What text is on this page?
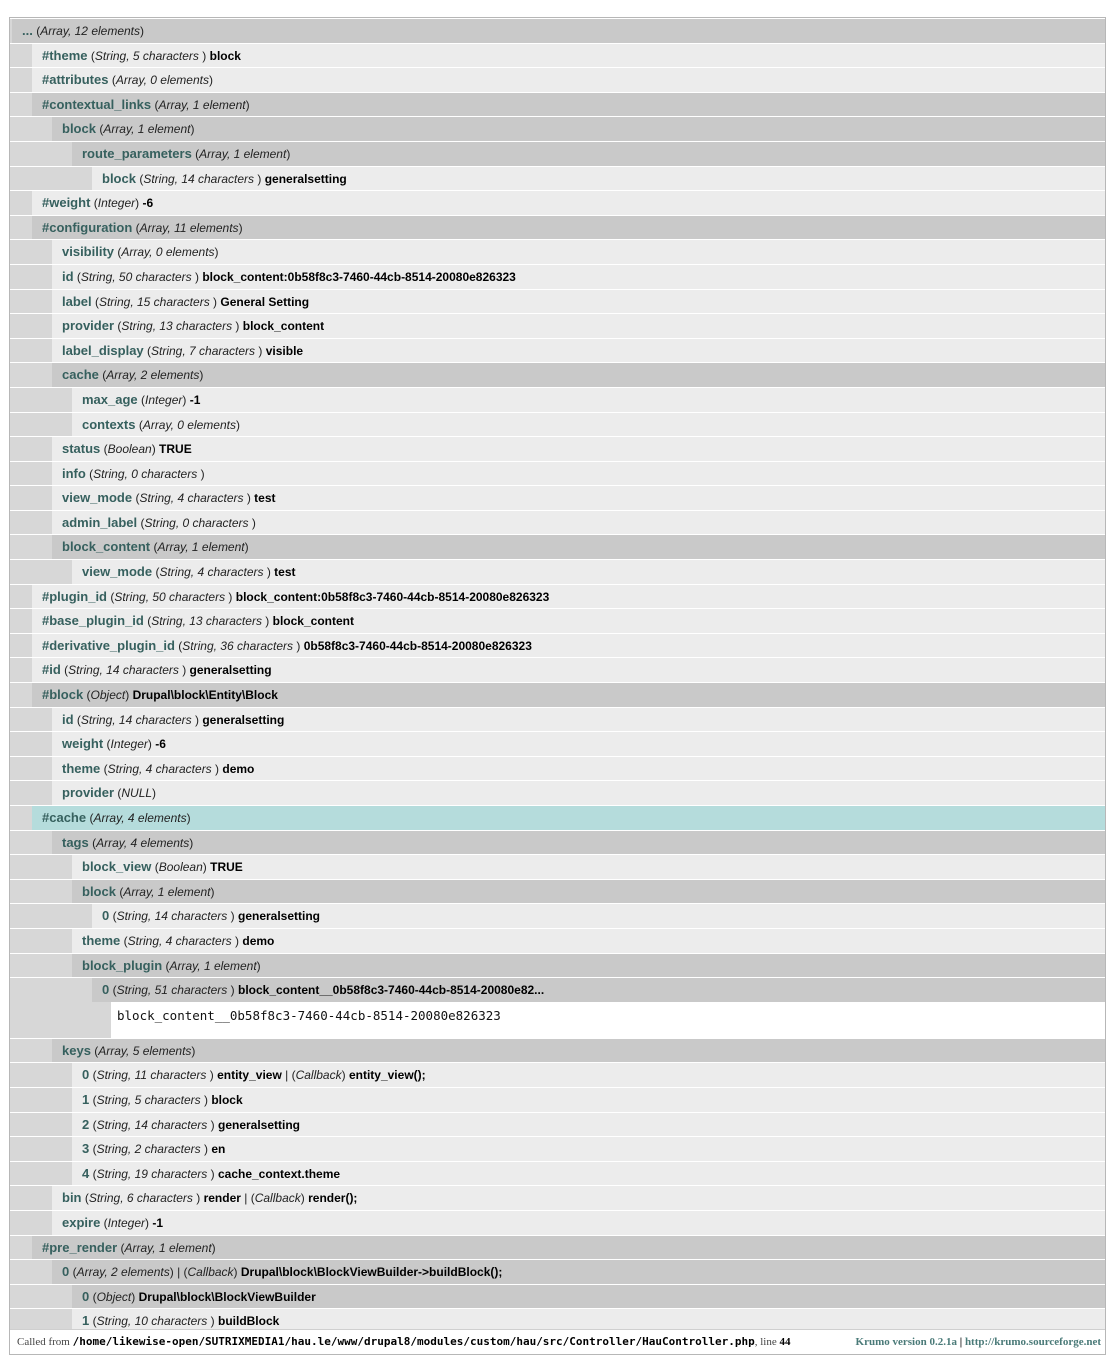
... (Array, 12 elements)
#theme (String, 5 characters ) block
#attributes (Array, 0 elements)
#contextual_links (Array, 1 element)
block (Array, 1 element)
route_parameters (Array, 1 element)
block (String, 14 characters ) generalsetting
#weight (Integer) -6
#configuration (Array, 11 elements)
visibility (Array, 0 elements)
id (String, 50 characters ) block_content:0b58f8c3-7460-44cb-8514-20080e826323
label (String, 15 characters ) General Setting
provider (String, 13 characters ) block_content
label_display (String, 7 characters ) visible
cache (Array, 2 elements)
max_age (Integer) -1
contexts (Array, 0 elements)
status (Boolean) TRUE
info (String, 0 characters )
view_mode (String, 4 characters ) test
admin_label (String, 0 characters )
block_content (Array, 1 element)
view_mode (String, 4 characters ) test
#plugin_id (String, 50 characters ) block_content:0b58f8c3-7460-44cb-8514-20080e826323
#base_plugin_id (String, 13 characters ) block_content
#derivative_plugin_id (String, 36 characters ) 0b58f8c3-7460-44cb-8514-20080e826323
#id (String, 14 characters ) generalsetting
#block (Object) Drupal\block\Entity\Block
id (String, 14 characters ) generalsetting
weight (Integer) -6
theme (String, 4 characters ) demo
provider (NULL)
#cache (Array, 4 elements)
tags (Array, 4 elements)
block_view (Boolean) TRUE
block (Array, 1 element)
0 (String, 14 characters ) generalsetting
theme (String, 4 characters ) demo
block_plugin (Array, 1 element)
0 (String, 51 characters ) block_content__0b58f8c3-7460-44cb-8514-20080e82...
block_content__0b58f8c3-7460-44cb-8514-20080e826323
keys (Array, 5 elements)
0 (String, 11 characters ) entity_view | (Callback) entity_view();
1 (String, 5 characters ) block
2 (String, 14 characters ) generalsetting
3 (String, 2 characters ) en
4 (String, 19 characters ) cache_context.theme
bin (String, 6 characters ) render | (Callback) render();
expire (Integer) -1
#pre_render (Array, 1 element)
0 (Array, 2 elements) | (Callback) Drupal\block\BlockViewBuilder->buildBlock();
0 (Object) Drupal\block\BlockViewBuilder
1 (String, 10 characters ) buildBlock
Called from /home/likewise-open/SUTRIXMEDIA1/hau.le/www/drupal8/modules/custom/hau/src/Controller/HauController.php, line 44	Krumo version 0.2.1a | http://krumo.sourceforge.net
